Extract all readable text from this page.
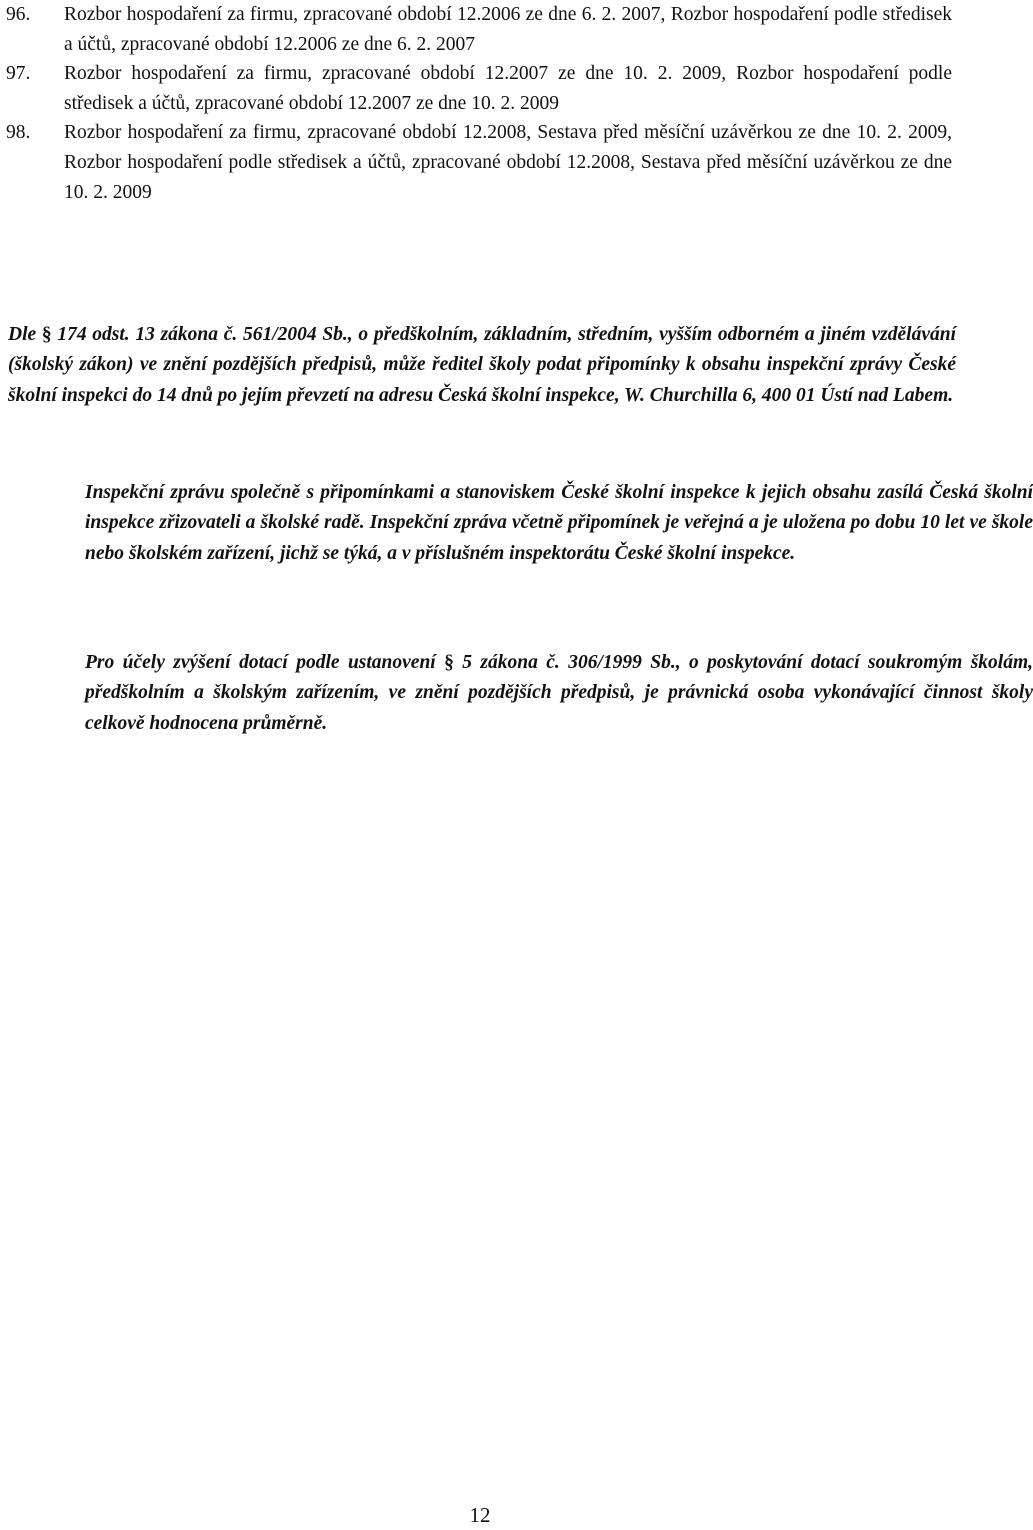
96. Rozbor hospodaření za firmu, zpracované období 12.2006 ze dne 6. 2. 2007, Rozbor hospodaření podle středisek a účtů, zpracované období 12.2006 ze dne 6. 2. 2007
97. Rozbor hospodaření za firmu, zpracované období 12.2007 ze dne 10. 2. 2009, Rozbor hospodaření podle středisek a účtů, zpracované období 12.2007 ze dne 10. 2. 2009
98. Rozbor hospodaření za firmu, zpracované období 12.2008, Sestava před měsíční uzávěrkou ze dne 10. 2. 2009, Rozbor hospodaření podle středisek a účtů, zpracované období 12.2008, Sestava před měsíční uzávěrkou ze dne 10. 2. 2009
Dle § 174 odst. 13 zákona č. 561/2004 Sb., o předškolním, základním, středním, vyšším odborném a jiném vzdělávání (školský zákon) ve znění pozdějších předpisů, může ředitel školy podat připomínky k obsahu inspekční zprávy České školní inspekci do 14 dnů po jejím převzetí na adresu Česká školní inspekce, W. Churchilla 6, 400 01 Ústí nad Labem.
Inspekční zprávu společně s připomínkami a stanoviskem České školní inspekce k jejich obsahu zasílá Česká školní inspekce zřizovateli a školské radě. Inspekční zpráva včetně připomínek je veřejná a je uložena po dobu 10 let ve škole nebo školském zařízení, jichž se týká, a v příslušném inspektorátu České školní inspekce.
Pro účely zvýšení dotací podle ustanovení § 5 zákona č. 306/1999 Sb., o poskytování dotací soukromým školám, předškolním a školským zařízením, ve znění pozdějších předpisů, je právnická osoba vykonávající činnost školy celkově hodnocena průměrně.
12
